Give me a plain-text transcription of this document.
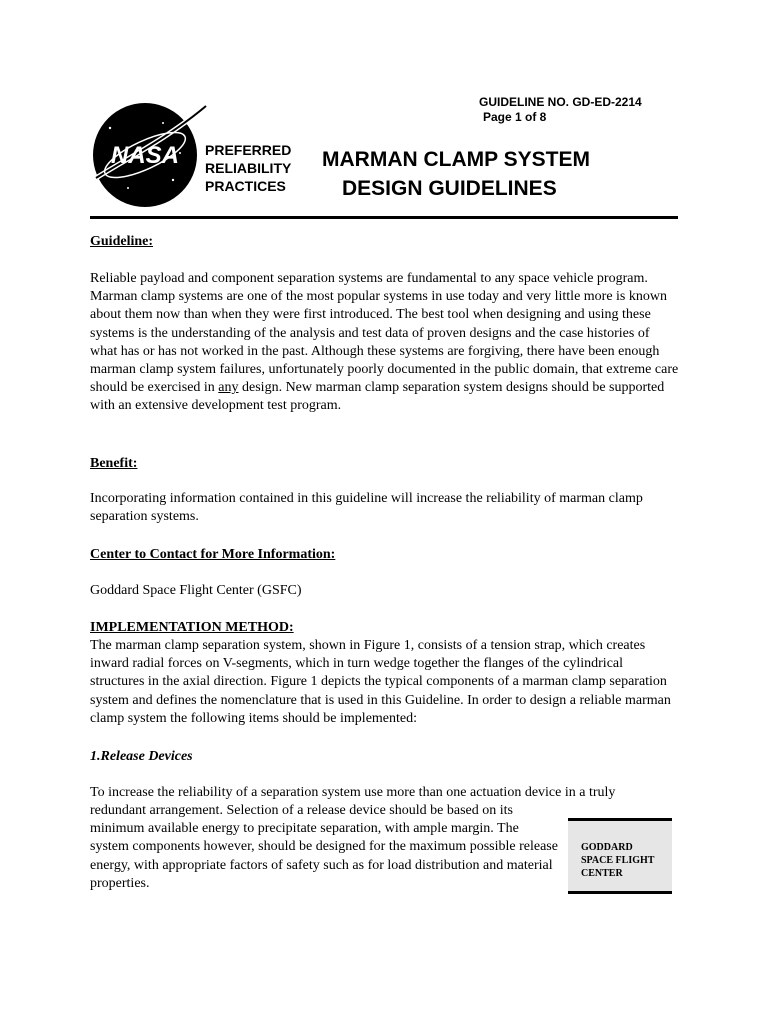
GUIDELINE NO. GD-ED-2214
Page 1 of 8
NASA PREFERRED
RELIABILITY
PRACTICES
MARMAN CLAMP SYSTEM
DESIGN GUIDELINES
Guideline:

Reliable payload and component separation systems are fundamental to any space vehicle program. Marman clamp systems are one of the most popular systems in use today and very little more is known about them now than when they were first introduced. The best tool when designing and using these systems is the understanding of the analysis and test data of proven designs and the case histories of what has or has not worked in the past. Although these systems are forgiving, there have been enough marman clamp system failures, unfortunately poorly documented in the public domain, that extreme care should be exercised in any design. New marman clamp separation system designs should be supported with an extensive development test program.

Benefit:

Incorporating information contained in this guideline will increase the reliability of marman clamp separation systems.

Center to Contact for More Information:

Goddard Space Flight Center (GSFC)

IMPLEMENTATION METHOD:

The marman clamp separation system, shown in Figure 1, consists of a tension strap, which creates inward radial forces on V-segments, which in turn wedge together the flanges of the cylindrical structures in the axial direction. Figure 1 depicts the typical components of a marman clamp separation system and defines the nomenclature that is used in this Guideline. In order to design a reliable marman clamp system the following items should be implemented:

1.Release Devices

To increase the reliability of a separation system use more than one actuation device in a truly

redundant arrangement. Selection of a release device should be based on its minimum available energy to precipitate separation, with ample margin. The system components however, should be designed for the maximum possible release energy, with appropriate factors of safety such as for load distribution and material properties.

GODDARD
SPACE FLIGHT
CENTER
